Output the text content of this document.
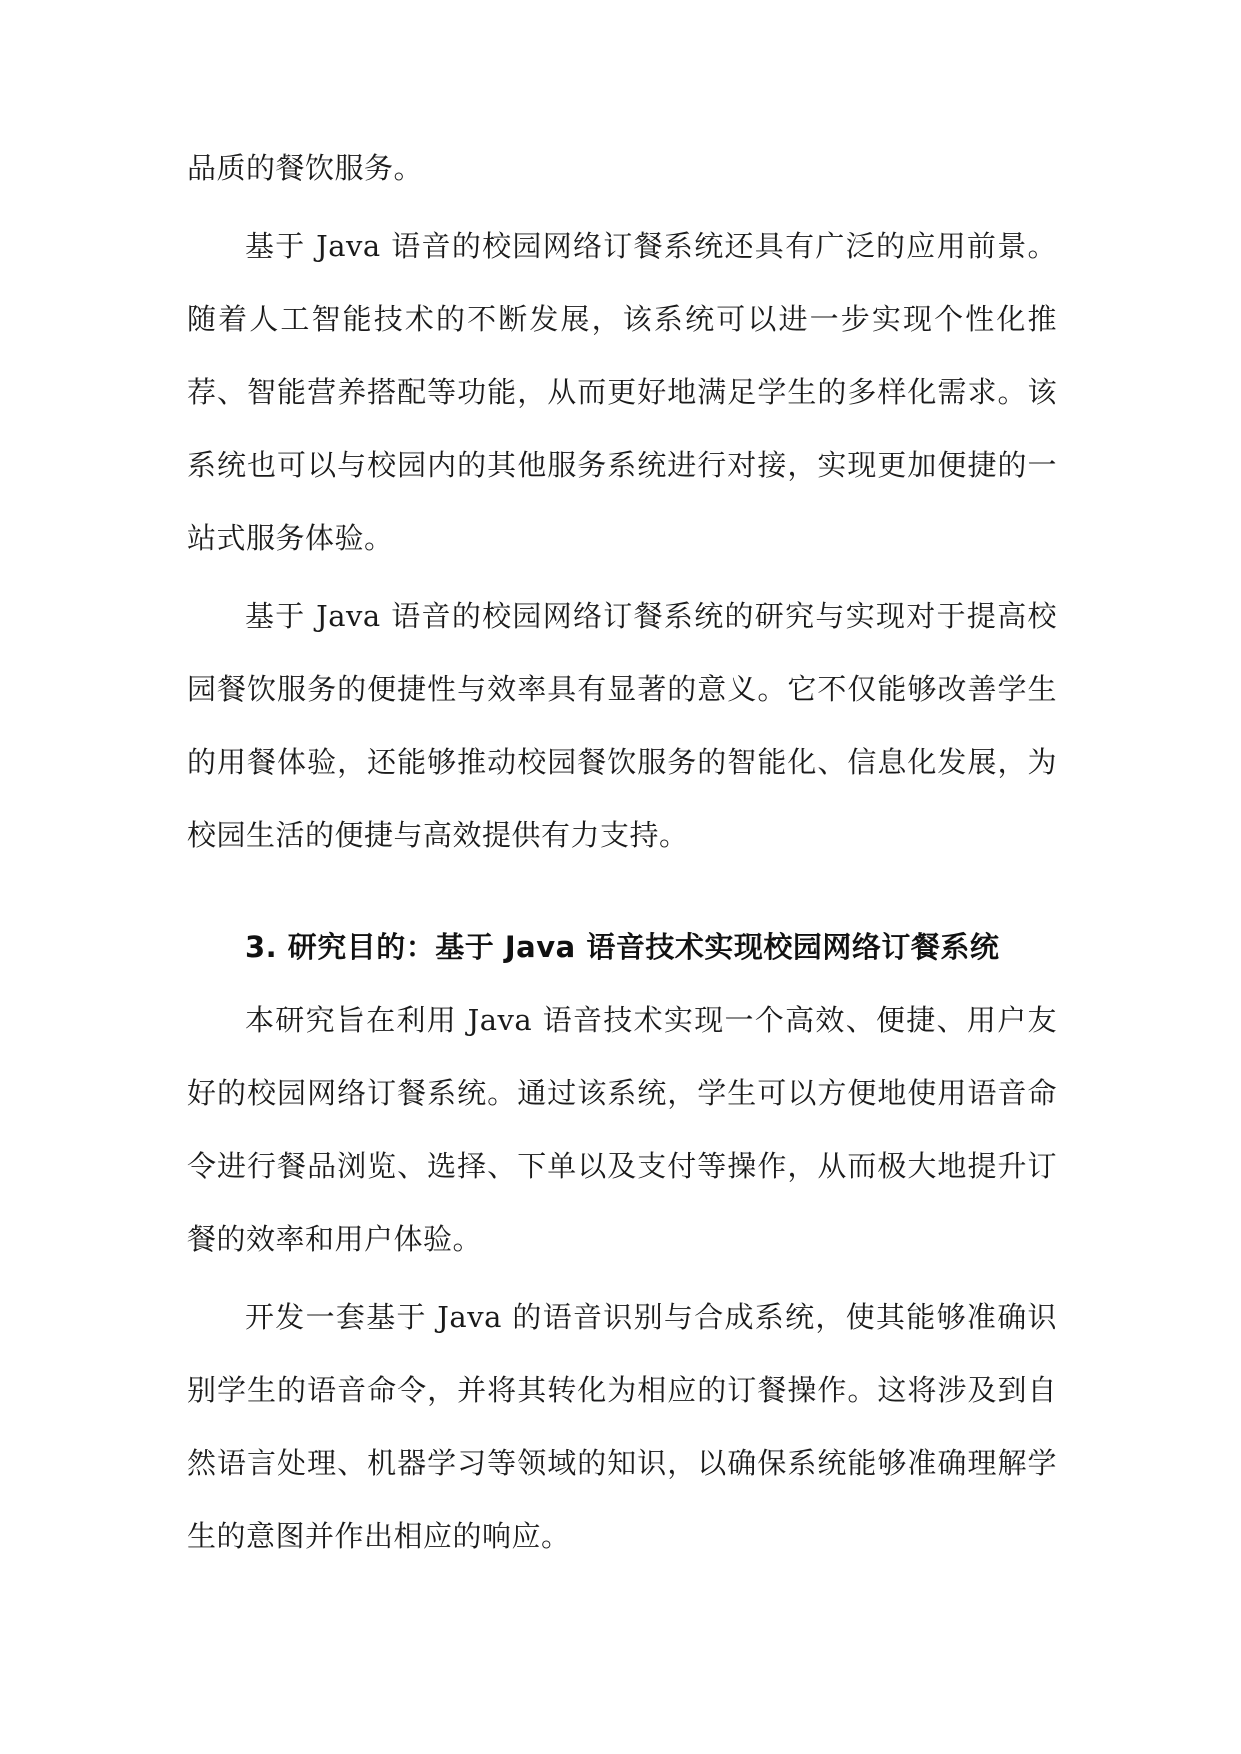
品质的餐饮服务。

基于 Java 语音的校园网络订餐系统还具有广泛的应用前景。随着人工智能技术的不断发展，该系统可以进一步实现个性化推荐、智能营养搭配等功能，从而更好地满足学生的多样化需求。该系统也可以与校园内的其他服务系统进行对接，实现更加便捷的一站式服务体验。

基于 Java 语音的校园网络订餐系统的研究与实现对于提高校园餐饮服务的便捷性与效率具有显著的意义。它不仅能够改善学生的用餐体验，还能够推动校园餐饮服务的智能化、信息化发展，为校园生活的便捷与高效提供有力支持。

3. 研究目的：基于 Java 语音技术实现校园网络订餐系统

本研究旨在利用 Java 语音技术实现一个高效、便捷、用户友好的校园网络订餐系统。通过该系统，学生可以方便地使用语音命令进行餐品浏览、选择、下单以及支付等操作，从而极大地提升订餐的效率和用户体验。

开发一套基于 Java 的语音识别与合成系统，使其能够准确识别学生的语音命令，并将其转化为相应的订餐操作。这将涉及到自然语言处理、机器学习等领域的知识，以确保系统能够准确理解学生的意图并作出相应的响应。
